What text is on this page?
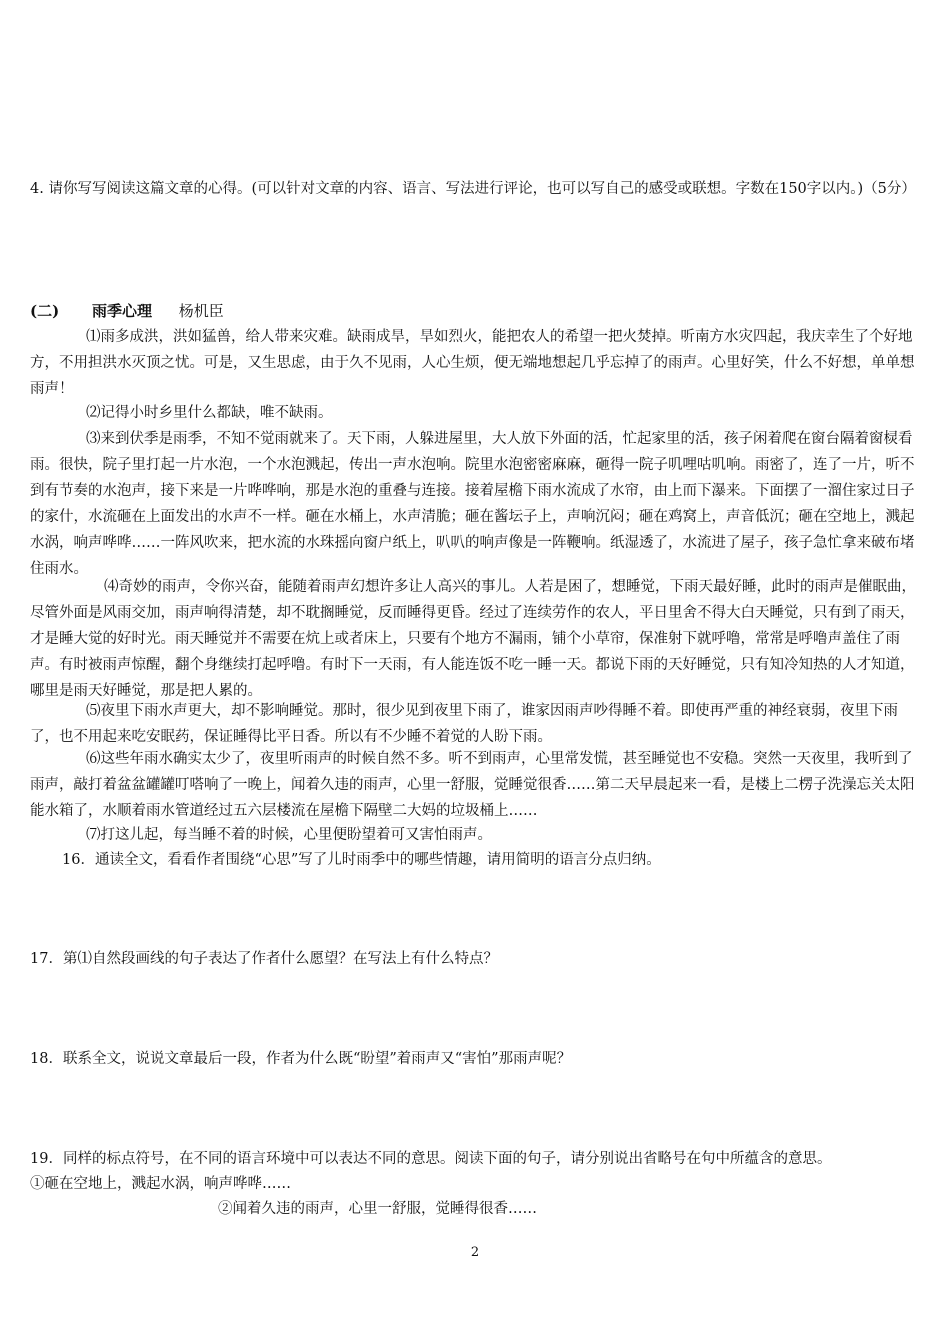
4. 请你写写阅读这篇文章的心得。(可以针对文章的内容、语言、写法进行评论，也可以写自己的感受或联想。字数在150字以内。)（5分）
(二) 雨季心理 杨机臣
⑴雨多成洪，洪如猛兽，给人带来灾难。缺雨成旱，旱如烈火，能把农人的希望一把火焚掉。听南方水灾四起，我庆幸生了个好地方，不用担洪水灭顶之忧。可是，又生思虑，由于久不见雨，人心生烦，便无端地想起几乎忘掉了的雨声。心里好笑，什么不好想，单单想雨声！
⑵记得小时乡里什么都缺，唯不缺雨。
⑶来到伏季是雨季，不知不觉雨就来了。天下雨，人躲进屋里，大人放下外面的活，忙起家里的活，孩子闲着爬在窗台隔着窗棂看雨。很快，院子里打起一片水泡，一个水泡溅起，传出一声水泡响。院里水泡密密麻麻，砸得一院子叽哩咕叽响。雨密了，连了一片，听不到有节奏的水泡声，接下来是一片哗哗响，那是水泡的重叠与连接。接着屋檐下雨水流成了水帘，由上而下瀑来。下面摆了一溜住家过日子的家什，水流砸在上面发出的水声不一样。砸在水桶上，水声清脆；砸在酱坛子上，声响沉闷；砸在鸡窝上，声音低沉；砸在空地上，溅起水涡，响声哗哗……一阵风吹来，把水流的水珠摇向窗户纸上，叭叭的响声像是一阵鞭响。纸湿透了，水流进了屋子，孩子急忙拿来破布堵住雨水。
⑷奇妙的雨声，令你兴奋，能随着雨声幻想许多让人高兴的事儿。人若是困了，想睡觉，下雨天最好睡，此时的雨声是催眠曲，尽管外面是风雨交加，雨声响得清楚，却不耽搁睡觉，反而睡得更昏。经过了连续劳作的农人，平日里舍不得大白天睡觉，只有到了雨天，才是睡大觉的好时光。雨天睡觉并不需要在炕上或者床上，只要有个地方不漏雨，铺个小草帘，保准射下就呼噜，常常是呼噜声盖住了雨声。有时被雨声惊醒，翻个身继续打起呼噜。有时下一天雨，有人能连饭不吃一睡一天。都说下雨的天好睡觉，只有知冷知热的人才知道，哪里是雨天好睡觉，那是把人累的。
⑸夜里下雨水声更大，却不影响睡觉。那时，很少见到夜里下雨了，谁家因雨声吵得睡不着。即使再严重的神经衰弱，夜里下雨了，也不用起来吃安眠药，保证睡得比平日香。所以有不少睡不着觉的人盼下雨。
⑹这些年雨水确实太少了，夜里听雨声的时候自然不多。听不到雨声，心里常发慌，甚至睡觉也不安稳。突然一天夜里，我听到了雨声，敲打着盆盆罐罐叮嗒响了一晚上，闻着久违的雨声，心里一舒服，觉睡觉很香……第二天早晨起来一看，是楼上二楞子洗澡忘关太阳能水箱了，水顺着雨水管道经过五六层楼流在屋檐下隔壁二大妈的垃圾桶上……
⑺打这儿起，每当睡不着的时候，心里便盼望着可又害怕雨声。
16．通读全文，看看作者围绕“心思”写了儿时雨季中的哪些情趣，请用简明的语言分点归纳。
17．第⑴自然段画线的句子表达了作者什么愿望？在写法上有什么特点？
18．联系全文，说说文章最后一段，作者为什么既“盼望”着雨声又“害怕”那雨声呢？
19．同样的标点符号，在不同的语言环境中可以表达不同的意思。阅读下面的句子，请分别说出省略号在句中所蕴含的意思。
①砸在空地上，溅起水涡，响声哗哗……
②闻着久违的雨声，心里一舒服，觉睡得很香……
2
